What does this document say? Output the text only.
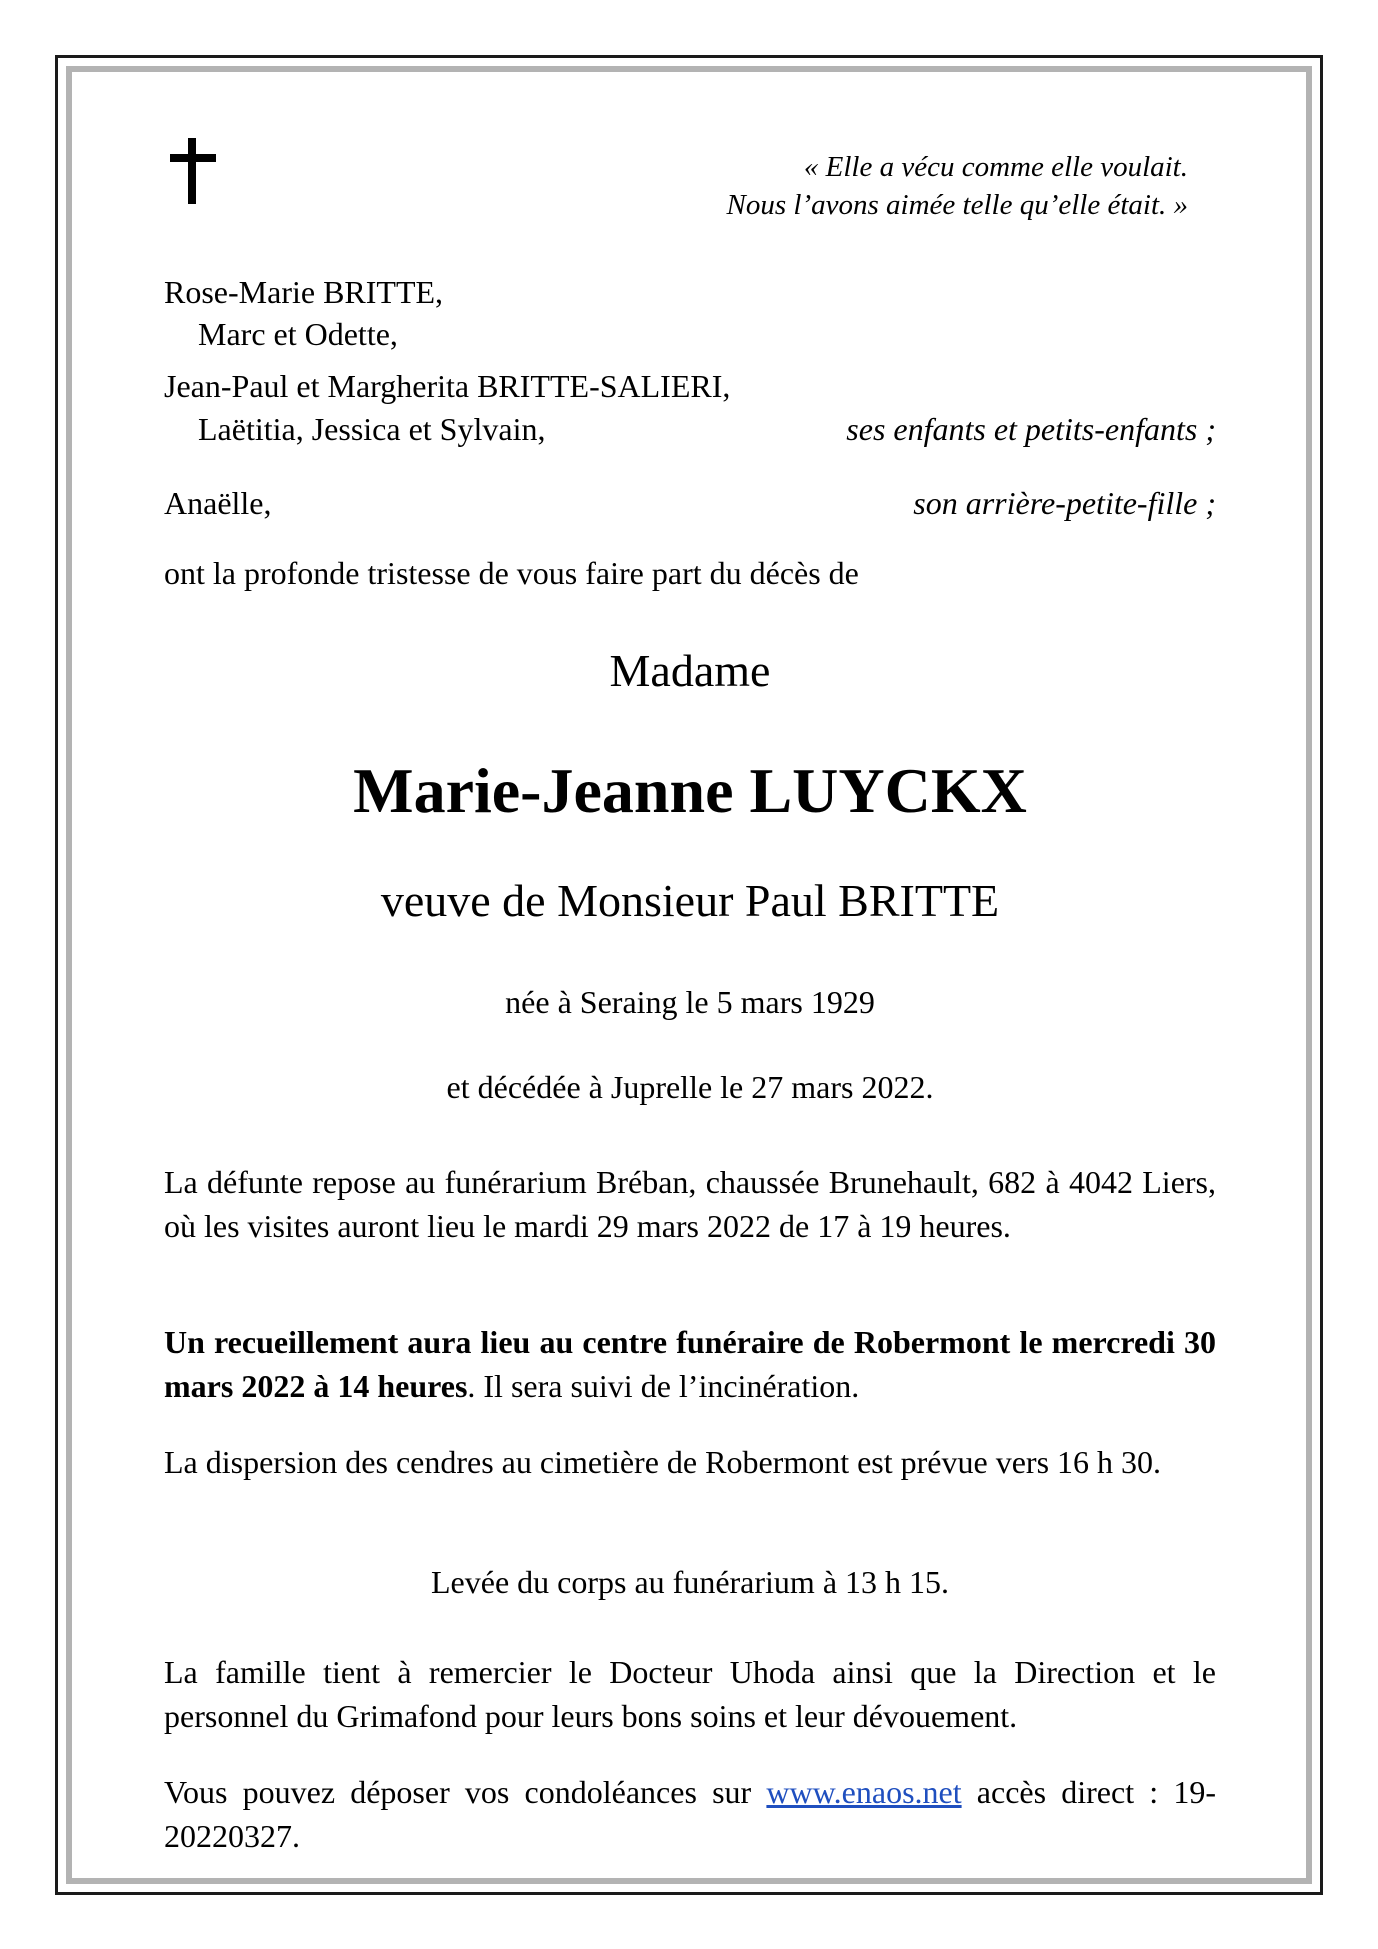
« Elle a vécu comme elle voulait.
Nous l’avons aimée telle qu’elle était. »
Rose-Marie BRITTE,
Marc et Odette,
Jean-Paul et Margherita BRITTE-SALIERI,
Laëtitia, Jessica et Sylvain,	ses enfants et petits-enfants ;
Anaëlle,	son arrière-petite-fille ;
ont la profonde tristesse de vous faire part du décès de
Madame
Marie-Jeanne LUYCKX
veuve de Monsieur Paul BRITTE
née à Seraing le 5 mars 1929
et décédée à Juprelle le 27 mars 2022.
La défunte repose au funérarium Bréban, chaussée Brunehault, 682 à 4042 Liers, où les visites auront lieu le mardi 29 mars 2022 de 17 à 19 heures.
Un recueillement aura lieu au centre funéraire de Robermont le mercredi 30 mars 2022 à 14 heures. Il sera suivi de l’incinération.
La dispersion des cendres au cimetière de Robermont est prévue vers 16 h 30.
Levée du corps au funérarium à 13 h 15.
La famille tient à remercier le Docteur Uhoda ainsi que la Direction et le personnel du Grimafond pour leurs bons soins et leur dévouement.
Vous pouvez déposer vos condoléances sur www.enaos.net accès direct : 19-20220327.
